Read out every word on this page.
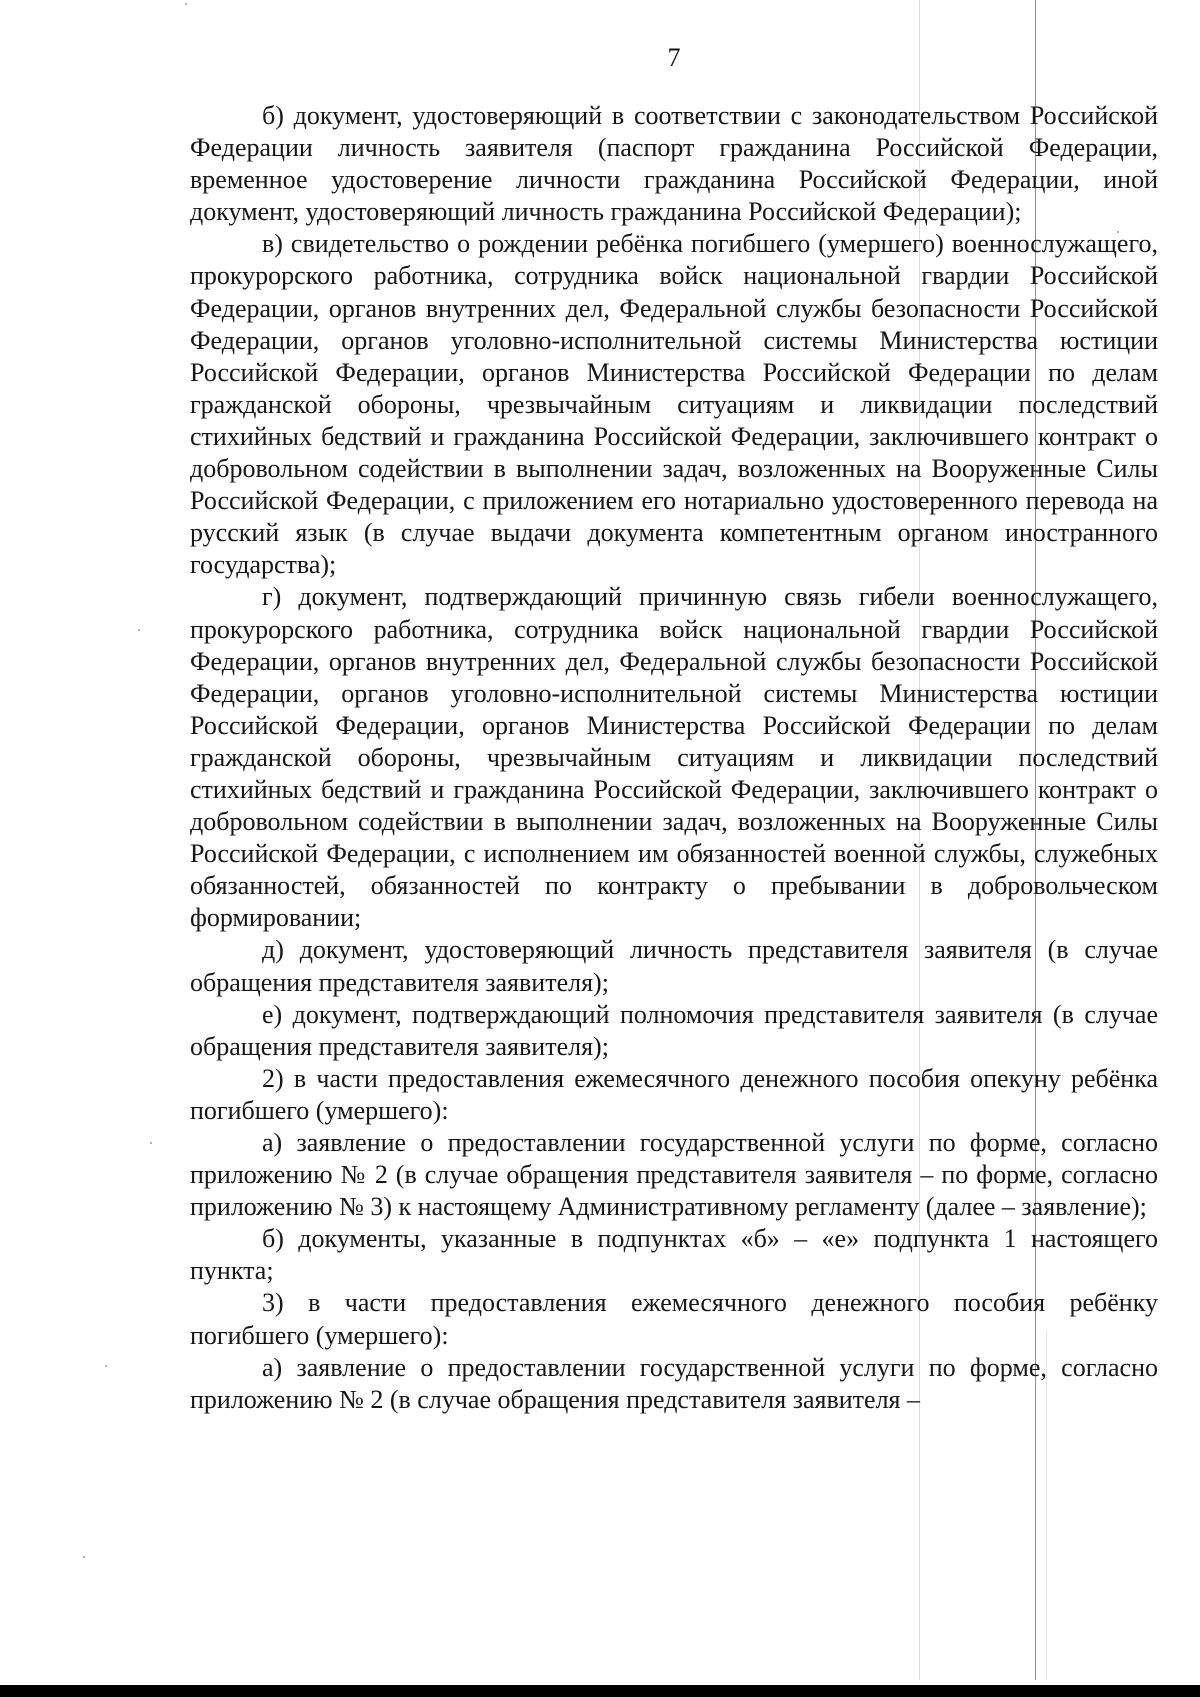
7

б) документ, удостоверяющий в соответствии с законодательством Российской Федерации личность заявителя (паспорт гражданина Российской Федерации, временное удостоверение личности гражданина Российской Федерации, иной документ, удостоверяющий личность гражданина Российской Федерации);

в) свидетельство о рождении ребёнка погибшего (умершего) военнослужащего, прокурорского работника, сотрудника войск национальной гвардии Российской Федерации, органов внутренних дел, Федеральной службы безопасности Российской Федерации, органов уголовно-исполнительной системы Министерства юстиции Российской Федерации, органов Министерства Российской Федерации по делам гражданской обороны, чрезвычайным ситуациям и ликвидации последствий стихийных бедствий и гражданина Российской Федерации, заключившего контракт о добровольном содействии в выполнении задач, возложенных на Вооруженные Силы Российской Федерации, с приложением его нотариально удостоверенного перевода на русский язык (в случае выдачи документа компетентным органом иностранного государства);

г) документ, подтверждающий причинную связь гибели военнослужащего, прокурорского работника, сотрудника войск национальной гвардии Российской Федерации, органов внутренних дел, Федеральной службы безопасности Российской Федерации, органов уголовно-исполнительной системы Министерства юстиции Российской Федерации, органов Министерства Российской Федерации по делам гражданской обороны, чрезвычайным ситуациям и ликвидации последствий стихийных бедствий и гражданина Российской Федерации, заключившего контракт о добровольном содействии в выполнении задач, возложенных на Вооруженные Силы Российской Федерации, с исполнением им обязанностей военной службы, служебных обязанностей, обязанностей по контракту о пребывании в добровольческом формировании;

д) документ, удостоверяющий личность представителя заявителя (в случае обращения представителя заявителя);

е) документ, подтверждающий полномочия представителя заявителя (в случае обращения представителя заявителя);

2) в части предоставления ежемесячного денежного пособия опекуну ребёнка погибшего (умершего):

а) заявление о предоставлении государственной услуги по форме, согласно приложению № 2 (в случае обращения представителя заявителя – по форме, согласно приложению № 3) к настоящему Административному регламенту (далее – заявление);

б) документы, указанные в подпунктах «б» – «е» подпункта 1 настоящего пункта;

3) в части предоставления ежемесячного денежного пособия ребёнку погибшего (умершего):

а) заявление о предоставлении государственной услуги по форме, согласно приложению № 2 (в случае обращения представителя заявителя –
